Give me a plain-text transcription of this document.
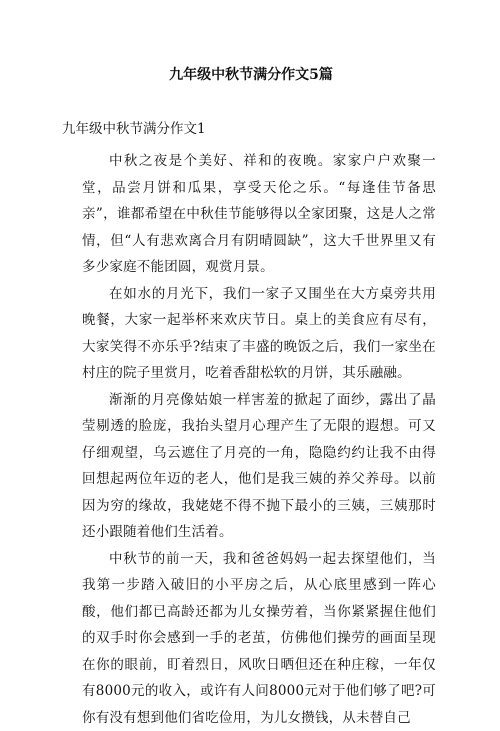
九年级中秋节满分作文5篇
九年级中秋节满分作文1

中秋之夜是个美好、祥和的夜晚。家家户户欢聚一堂，品尝月饼和瓜果，享受天伦之乐。“每逢佳节备思亲”，谁都希望在中秋佳节能够得以全家团聚，这是人之常情，但“人有悲欢离合月有阴晴圆缺”，这大千世界里又有多少家庭不能团圆，观赏月景。

在如水的月光下，我们一家子又围坐在大方桌旁共用晚餐，大家一起举杯来欢庆节日。桌上的美食应有尽有，大家笑得不亦乐乎?结束了丰盛的晚饭之后，我们一家坐在村庄的院子里赏月，吃着香甜松软的月饼，其乐融融。

渐渐的月亮像姑娘一样害羞的掀起了面纱，露出了晶莹剔透的脸庞，我抬头望月心理产生了无限的遐想。可又仔细观望，乌云遮住了月亮的一角，隐隐约约让我不由得回想起两位年迈的老人，他们是我三姨的养父养母。以前因为穷的缘故，我姥姥不得不抛下最小的三姨，三姨那时还小跟随着他们生活着。

中秋节的前一天，我和爸爸妈妈一起去探望他们，当我第一步踏入破旧的小平房之后，从心底里感到一阵心酸，他们都已高龄还都为儿女操劳着，当你紧紧握住他们的双手时你会感到一手的老茧，仿佛他们操劳的画面呈现在你的眼前，盯着烈日，风吹日晒但还在种庄稼，一年仅有8000元的收入，或许有人问8000元对于他们够了吧?可你有没有想到他们省吃俭用，为儿女攒钱，从未替自己
